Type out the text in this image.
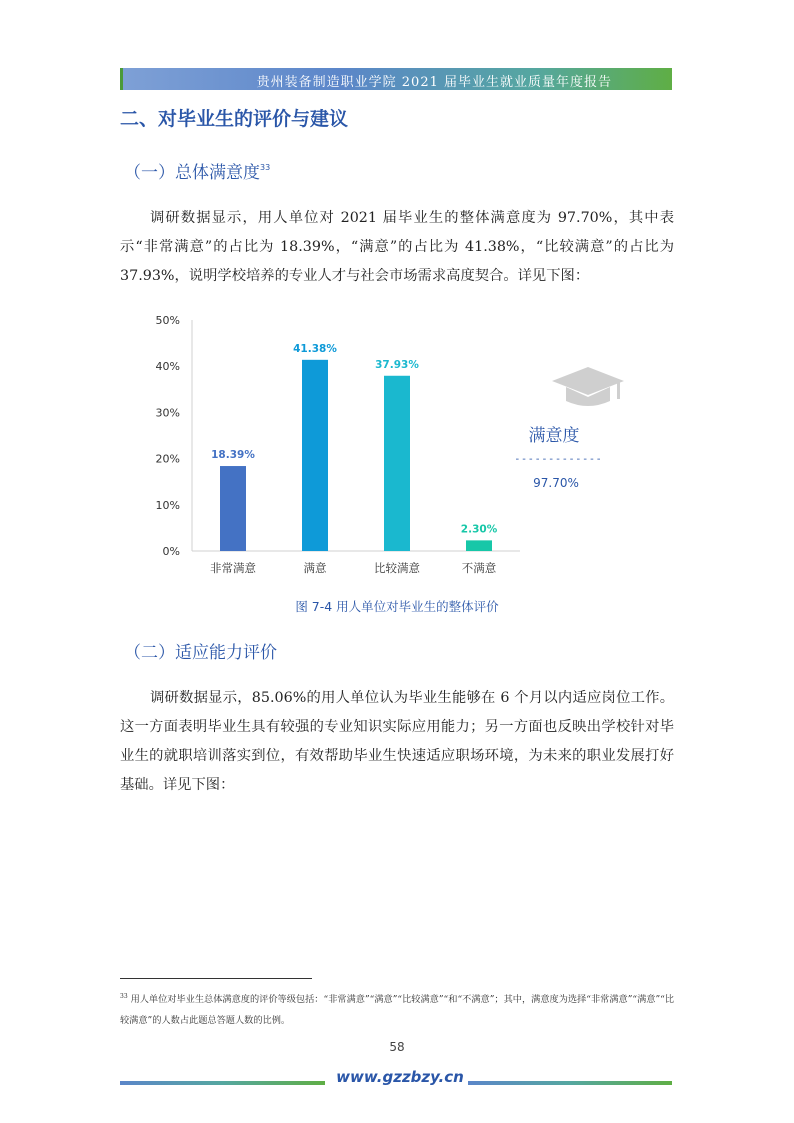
贵州装备制造职业学院 2021 届毕业生就业质量年度报告
二、对毕业生的评价与建议
（一）总体满意度$^{33}$
调研数据显示，用人单位对 2021 届毕业生的整体满意度为 97.70%，其中表示“非常满意”的占比为 18.39%，“满意”的占比为 41.38%，“比较满意”的占比为 37.93%，说明学校培养的专业人才与社会市场需求高度契合。详见下图：
0%
10%
20%
30%
40%
50%
18.39%
非常满意
41.38%
满意
37.93%
比较满意
2.30%
不满意
满意度
- - - - - - - - - - - - -
97.70%
图 7-4 用人单位对毕业生的整体评价
（二）适应能力评价
调研数据显示，85.06%的用人单位认为毕业生能够在 6 个月以内适应岗位工作。这一方面表明毕业生具有较强的专业知识实际应用能力；另一方面也反映出学校针对毕业生的就职培训落实到位，有效帮助毕业生快速适应职场环境，为未来的职业发展打好基础。详见下图：
$^{33}$ 用人单位对毕业生总体满意度的评价等级包括：“非常满意”“满意”“比较满意”“和“不满意”；其中，满意度为选择“非常满意”“满意”“比较满意”的人数占此题总答题人数的比例。
58
www.gzzbzy.cn
